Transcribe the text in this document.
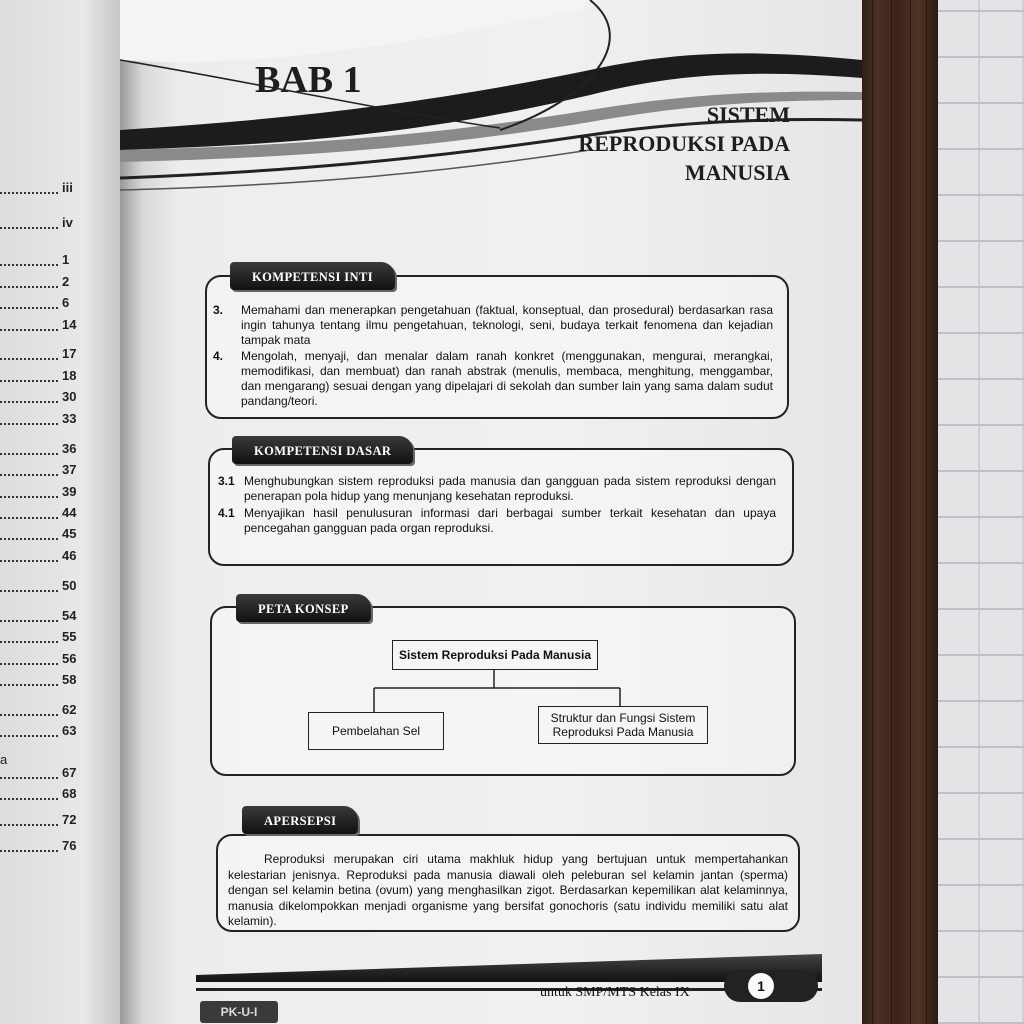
iii
iv
1
2
6
14
17
18
30
33
36
37
39
44
45
46
50
54
55
56
58
62
63
67
68
72
76
a
BAB 1
SISTEM
REPRODUKSI PADA
MANUSIA
3.	Memahami dan menerapkan pengetahuan (faktual, konseptual, dan prosedural) berdasarkan rasa ingin tahunya tentang ilmu pengetahuan, teknologi, seni, budaya terkait fenomena dan kejadian tampak mata
4.	Mengolah, menyaji, dan menalar dalam ranah konkret (menggunakan, mengurai, merangkai, memodifikasi, dan membuat) dan ranah abstrak (menulis, membaca, menghitung, menggambar, dan mengarang) sesuai dengan yang dipelajari di sekolah dan sumber lain yang sama dalam sudut pandang/teori.
KOMPETENSI INTI
3.1 Menghubungkan sistem reproduksi pada manusia dan gangguan pada sistem reproduksi dengan penerapan pola hidup yang menunjang kesehatan reproduksi.
4.1 Menyajikan hasil penulusuran informasi dari berbagai sumber terkait kesehatan dan upaya pencegahan gangguan pada organ reproduksi.
KOMPETENSI DASAR
Sistem Reproduksi Pada Manusia
Pembelahan Sel
Struktur dan Fungsi Sistem Reproduksi Pada Manusia
PETA KONSEP
Reproduksi merupakan ciri utama makhluk hidup yang bertujuan untuk mempertahankan kelestarian jenisnya. Reproduksi pada manusia diawali oleh peleburan sel kelamin jantan (sperma) dengan sel kelamin betina (ovum) yang menghasilkan zigot. Berdasarkan kepemilikan alat kelaminnya, manusia dikelompokkan menjadi organisme yang bersifat gonochoris (satu individu memiliki satu alat kelamin).
APERSEPSI
untuk SMP/MTS Kelas IX	1
PK-U-I
